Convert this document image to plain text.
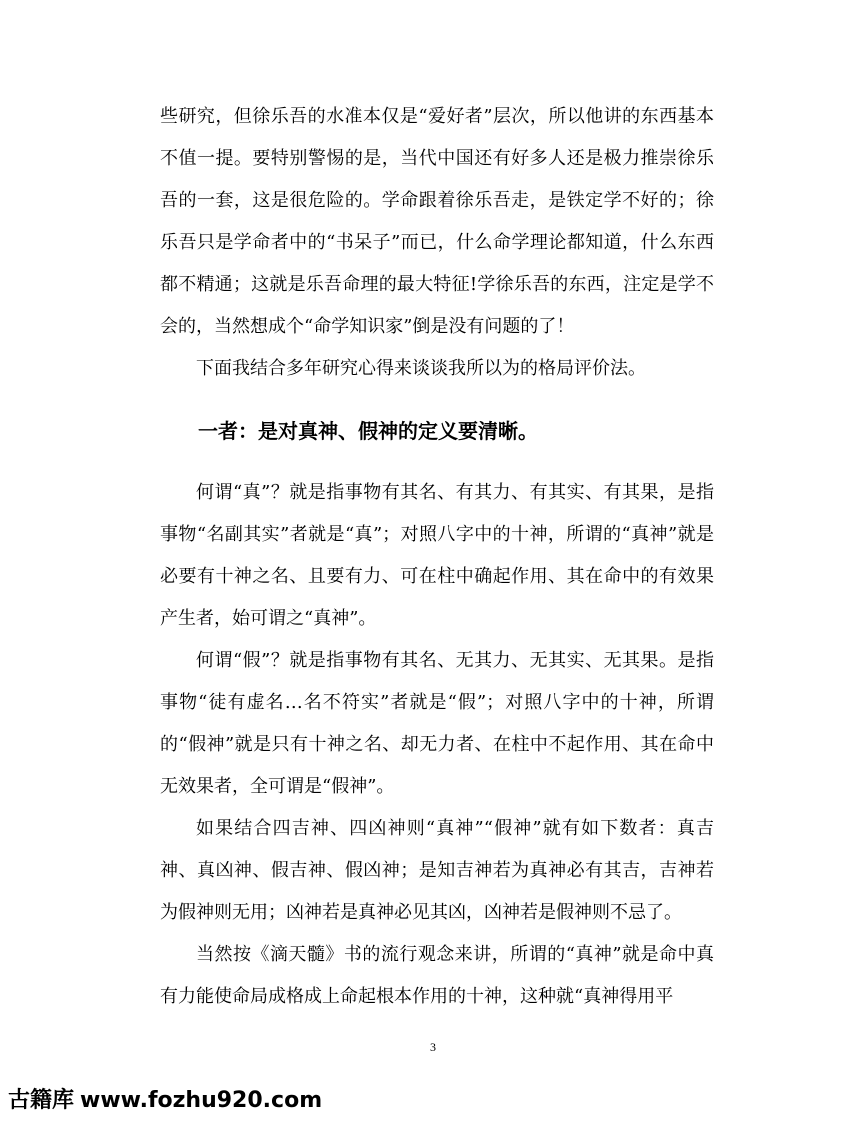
些研究，但徐乐吾的水准本仅是“爱好者”层次，所以他讲的东西基本不值一提。要特别警惕的是，当代中国还有好多人还是极力推崇徐乐吾的一套，这是很危险的。学命跟着徐乐吾走，是铁定学不好的；徐乐吾只是学命者中的“书呆子”而已，什么命学理论都知道，什么东西都不精通；这就是乐吾命理的最大特征!学徐乐吾的东西，注定是学不会的，当然想成个“命学知识家”倒是没有问题的了！

下面我结合多年研究心得来谈谈我所以为的格局评价法。

一者：是对真神、假神的定义要清晰。

何谓“真”？就是指事物有其名、有其力、有其实、有其果，是指事物“名副其实”者就是“真”；对照八字中的十神，所谓的“真神”就是必要有十神之名、且要有力、可在柱中确起作用、其在命中的有效果产生者，始可谓之“真神”。

何谓“假”？就是指事物有其名、无其力、无其实、无其果。是指事物“徒有虚名…名不符实”者就是“假”；对照八字中的十神，所谓的“假神”就是只有十神之名、却无力者、在柱中不起作用、其在命中无效果者，全可谓是“假神”。

如果结合四吉神、四凶神则“真神”“假神”就有如下数者：真吉神、真凶神、假吉神、假凶神；是知吉神若为真神必有其吉，吉神若为假神则无用；凶神若是真神必见其凶，凶神若是假神则不忌了。

当然按《滴天髓》书的流行观念来讲，所谓的“真神”就是命中真有力能使命局成格成上命起根本作用的十神，这种就“真神得用平

3
古籍库 www.fozhu920.com
